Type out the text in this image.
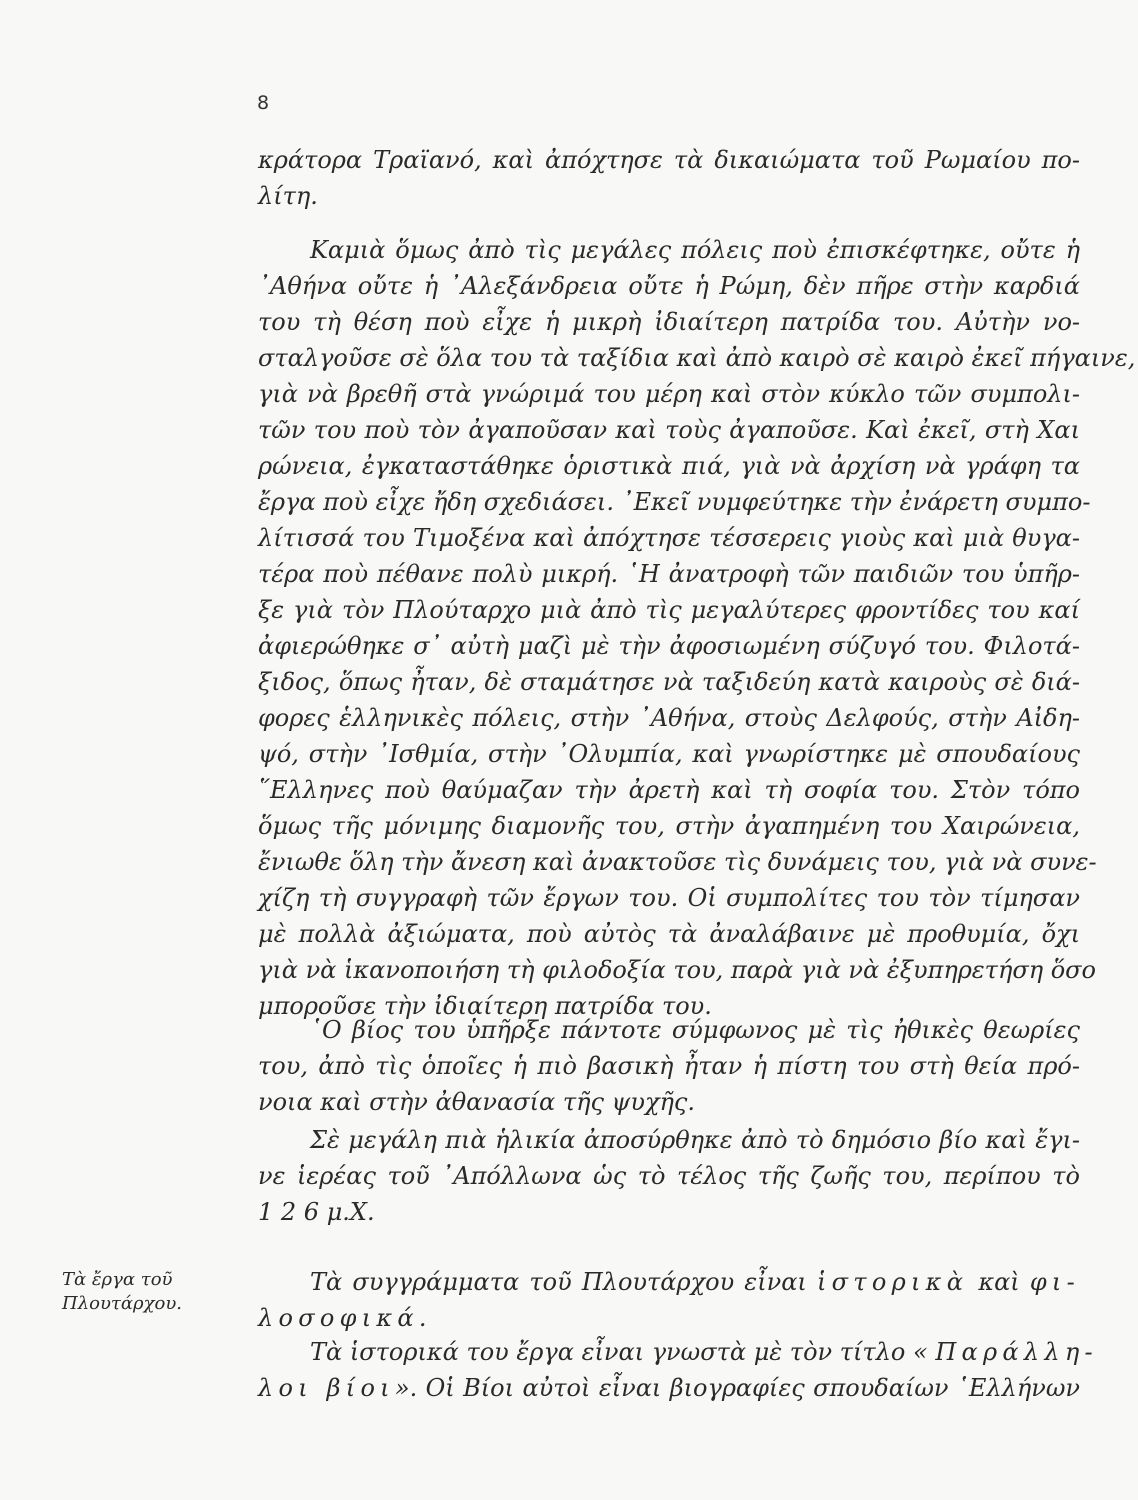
8
κράτορα Τραϊανό, καὶ ἀπόχτησε τὰ δικαιώματα τοῦ Ρωμαίου πο-
λίτη.
Καμιὰ ὅμως ἀπὸ τὶς μεγάλες πόλεις ποὺ ἐπισκέφτηκε, οὔτε ἡ
᾿Αθήνα οὔτε ἡ ᾿Αλεξάνδρεια οὔτε ἡ Ρώμη, δὲν πῆρε στὴν καρδιά
του τὴ θέση ποὺ εἶχε ἡ μικρὴ ἰδιαίτερη πατρίδα του. Αὐτὴν νο-
σταλγοῦσε σὲ ὅλα του τὰ ταξίδια καὶ ἀπὸ καιρὸ σὲ καιρὸ ἐκεῖ πήγαινε,
γιὰ νὰ βρεθῆ στὰ γνώριμά του μέρη καὶ στὸν κύκλο τῶν συμπολι-
τῶν του ποὺ τὸν ἀγαποῦσαν καὶ τοὺς ἀγαποῦσε. Καὶ ἐκεῖ, στὴ Χαι
ρώνεια, ἐγκαταστάθηκε ὁριστικὰ πιά, γιὰ νὰ ἀρχίση νὰ γράφη τα
ἔργα ποὺ εἶχε ἤδη σχεδιάσει. ᾿Εκεῖ νυμφεύτηκε τὴν ἐνάρετη συμπο-
λίτισσά του Τιμοξένα καὶ ἀπόχτησε τέσσερεις γιοὺς καὶ μιὰ θυγα-
τέρα ποὺ πέθανε πολὺ μικρή. ῾Η ἀνατροφὴ τῶν παιδιῶν του ὑπῆρ-
ξε γιὰ τὸν Πλούταρχο μιὰ ἀπὸ τὶς μεγαλύτερες φροντίδες του καί
ἀφιερώθηκε σ᾿ αὐτὴ μαζὶ μὲ τὴν ἀφοσιωμένη σύζυγό του. Φιλοτά-
ξιδος, ὅπως ἦταν, δὲ σταμάτησε νὰ ταξιδεύη κατὰ καιροὺς σὲ διά-
φορες ἑλληνικὲς πόλεις, στὴν ᾿Αθήνα, στοὺς Δελφούς, στὴν Αἰδη-
ψό, στὴν ᾿Ισθμία, στὴν ᾿Ολυμπία, καὶ γνωρίστηκε μὲ σπουδαίους
῞Ελληνες ποὺ θαύμαζαν τὴν ἀρετὴ καὶ τὴ σοφία του. Στὸν τόπο
ὅμως τῆς μόνιμης διαμονῆς του, στὴν ἀγαπημένη του Χαιρώνεια,
ἔνιωθε ὅλη τὴν ἄνεση καὶ ἀνακτοῦσε τὶς δυνάμεις του, γιὰ νὰ συνε-
χίζη τὴ συγγραφὴ τῶν ἔργων του. Οἱ συμπολίτες του τὸν τίμησαν
μὲ πολλὰ ἀξιώματα, ποὺ αὐτὸς τὰ ἀναλάβαινε μὲ προθυμία, ὄχι
γιὰ νὰ ἱκανοποιήση τὴ φιλοδοξία του, παρὰ γιὰ νὰ ἐξυπηρετήση ὅσο
μποροῦσε τὴν ἰδιαίτερη πατρίδα του.
῾Ο βίος του ὑπῆρξε πάντοτε σύμφωνος μὲ τὶς ἠθικὲς θεωρίες
του, ἀπὸ τὶς ὁποῖες ἡ πιὸ βασικὴ ἦταν ἡ πίστη του στὴ θεία πρό-
νοια καὶ στὴν ἀθανασία τῆς ψυχῆς.
Σὲ μεγάλη πιὰ ἡλικία ἀποσύρθηκε ἀπὸ τὸ δημόσιο βίο καὶ ἔγι-
νε ἱερέας τοῦ ᾿Απόλλωνα ὡς τὸ τέλος τῆς ζωῆς του, περίπου τὸ
1 2 6 μ.Χ.
Τὰ ἔργα τοῦ
Πλουτάρχου.
Τὰ συγγράμματα τοῦ Πλουτάρχου εἶναι ἱστορικὰ καὶ φι-
λοσοφικά.
Τὰ ἱστορικά του ἔργα εἶναι γνωστὰ μὲ τὸν τίτλο « Παράλλη-
λοι βίοι». Οἱ Βίοι αὐτοὶ εἶναι βιογραφίες σπουδαίων ῾Ελλήνων
